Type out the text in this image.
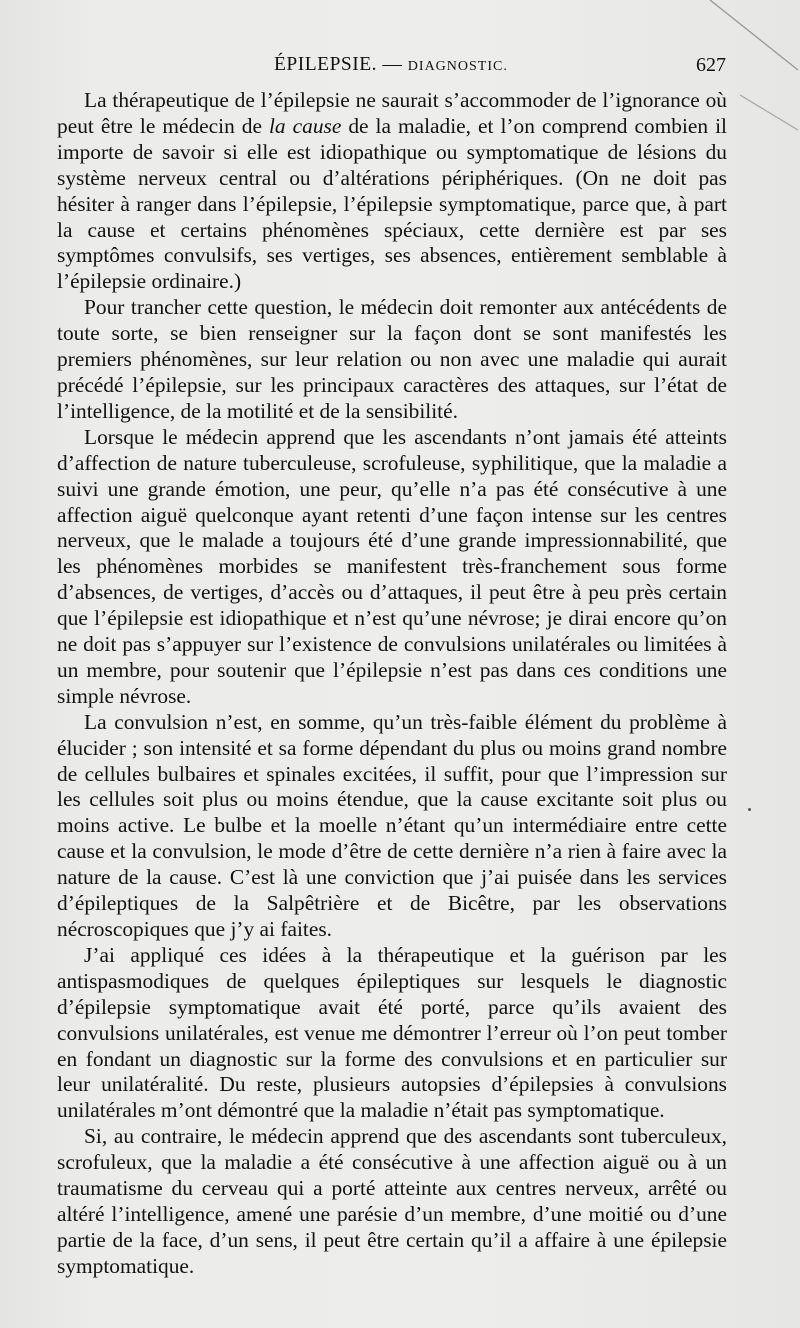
ÉPILEPSIE. — DIAGNOSTIC.	627

La thérapeutique de l’épilepsie ne saurait s’accommoder de l’ignorance où peut être le médecin de la cause de la maladie, et l’on comprend combien il importe de savoir si elle est idiopathique ou symptomatique de lésions du système nerveux central ou d’altérations périphériques. (On ne doit pas hésiter à ranger dans l’épilepsie, l’épilepsie symptomatique, parce que, à part la cause et certains phénomènes spéciaux, cette dernière est par ses symptômes convulsifs, ses vertiges, ses absences, entièrement semblable à l’épilepsie ordinaire.)

Pour trancher cette question, le médecin doit remonter aux antécédents de toute sorte, se bien renseigner sur la façon dont se sont manifestés les premiers phénomènes, sur leur relation ou non avec une maladie qui aurait précédé l’épilepsie, sur les principaux caractères des attaques, sur l’état de l’intelligence, de la motilité et de la sensibilité.

Lorsque le médecin apprend que les ascendants n’ont jamais été atteints d’affection de nature tuberculeuse, scrofuleuse, syphilitique, que la maladie a suivi une grande émotion, une peur, qu’elle n’a pas été consécutive à une affection aiguë quelconque ayant retenti d’une façon intense sur les centres nerveux, que le malade a toujours été d’une grande impressionnabilité, que les phénomènes morbides se manifestent très-franchement sous forme d’absences, de vertiges, d’accès ou d’attaques, il peut être à peu près certain que l’épilepsie est idiopathique et n’est qu’une névrose; je dirai encore qu’on ne doit pas s’appuyer sur l’existence de convulsions unilatérales ou limitées à un membre, pour soutenir que l’épilepsie n’est pas dans ces conditions une simple névrose.

La convulsion n’est, en somme, qu’un très-faible élément du problème à élucider ; son intensité et sa forme dépendant du plus ou moins grand nombre de cellules bulbaires et spinales excitées, il suffit, pour que l’impression sur les cellules soit plus ou moins étendue, que la cause excitante soit plus ou moins active. Le bulbe et la moelle n’étant qu’un intermédiaire entre cette cause et la convulsion, le mode d’être de cette dernière n’a rien à faire avec la nature de la cause. C’est là une conviction que j’ai puisée dans les services d’épileptiques de la Salpêtrière et de Bicêtre, par les observations nécroscopiques que j’y ai faites.

J’ai appliqué ces idées à la thérapeutique et la guérison par les antispasmodiques de quelques épileptiques sur lesquels le diagnostic d’épilepsie symptomatique avait été porté, parce qu’ils avaient des convulsions unilatérales, est venue me démontrer l’erreur où l’on peut tomber en fondant un diagnostic sur la forme des convulsions et en particulier sur leur unilatéralité. Du reste, plusieurs autopsies d’épilepsies à convulsions unilatérales m’ont démontré que la maladie n’était pas symptomatique.

Si, au contraire, le médecin apprend que des ascendants sont tuberculeux, scrofuleux, que la maladie a été consécutive à une affection aiguë ou à un traumatisme du cerveau qui a porté atteinte aux centres nerveux, arrêté ou altéré l’intelligence, amené une parésie d’un membre, d’une moitié ou d’une partie de la face, d’un sens, il peut être certain qu’il a affaire à une épilepsie symptomatique.
